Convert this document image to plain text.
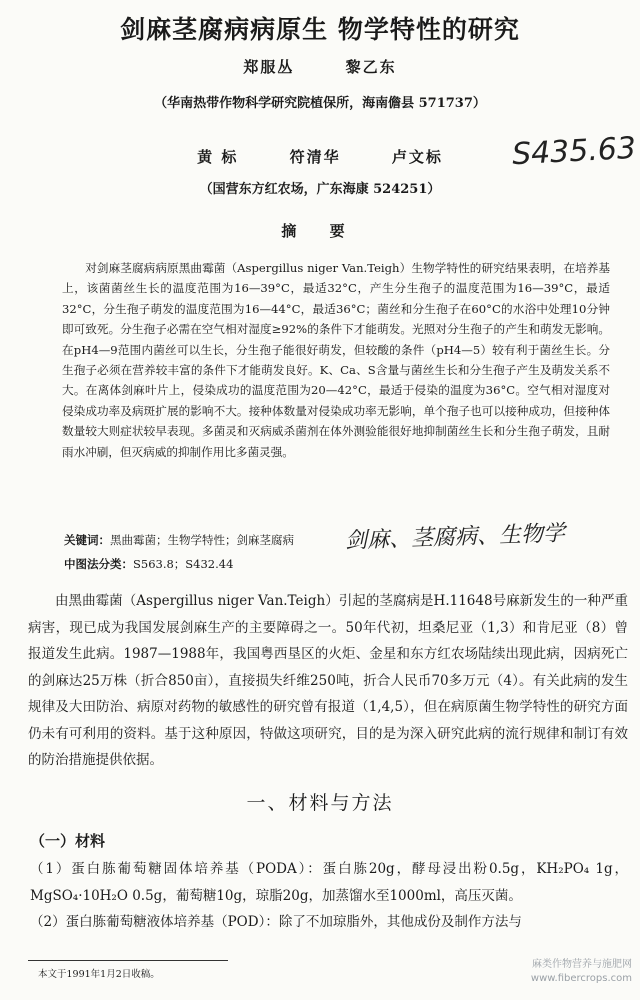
剑麻茎腐病病原生 物学特性的研究
郑服丛	黎乙东
（华南热带作物科学研究院植保所，海南儋县 571737）
S435.63
黄 标	符清华	卢文标
（国营东方红农场，广东海康 524251）
摘 要

对剑麻茎腐病病原黑曲霉菌（Aspergillus niger Van.Teigh）生物学特性的研究结果表明，在培养基上，该菌菌丝生长的温度范围为16—39°C，最适32°C，产生分生孢子的温度范围为16—39°C，最适32°C，分生孢子萌发的温度范围为16—44°C，最适36°C；菌丝和分生孢子在60°C的水浴中处理10分钟即可致死。分生孢子必需在空气相对湿度≥92%的条件下才能萌发。光照对分生孢子的产生和萌发无影响。在pH4—9范围内菌丝可以生长，分生孢子能很好萌发，但较酸的条件（pH4—5）较有利于菌丝生长。分生孢子必须在营养较丰富的条件下才能萌发良好。K、Ca、S含量与菌丝生长和分生孢子产生及萌发关系不大。在离体剑麻叶片上，侵染成功的温度范围为20—42°C，最适于侵染的温度为36°C。空气相对湿度对侵染成功率及病斑扩展的影响不大。接种体数量对侵染成功率无影响，单个孢子也可以接种成功，但接种体数量较大则症状较早表现。多菌灵和灭病威杀菌剂在体外测验能很好地抑制菌丝生长和分生孢子萌发，且耐雨水冲刷，但灭病威的抑制作用比多菌灵强。

关键词：黑曲霉菌；生物学特性；剑麻茎腐病	剑麻、茎腐病、生物学
中图法分类：S563.8；S432.44

由黑曲霉菌（Aspergillus niger Van.Teigh）引起的茎腐病是H.11648号麻新发生的一种严重病害，现已成为我国发展剑麻生产的主要障碍之一。50年代初，坦桑尼亚（1,3）和肯尼亚（8）曾报道发生此病。1987—1988年，我国粤西垦区的火炬、金星和东方红农场陆续出现此病，因病死亡的剑麻达25万株（折合850亩），直接损失纤维250吨，折合人民币70多万元（4）。有关此病的发生规律及大田防治、病原对药物的敏感性的研究曾有报道（1,4,5），但在病原菌生物学特性的研究方面仍未有可利用的资料。基于这种原因，特做这项研究，目的是为深入研究此病的流行规律和制订有效的防治措施提供依据。

一、材料与方法
（一）材料

（1）蛋白胨葡萄糖固体培养基（PODA）：蛋白胨20g，酵母浸出粉0.5g，KH₂PO₄ 1g，MgSO₄·10H₂O 0.5g，葡萄糖10g，琼脂20g，加蒸馏水至1000ml，高压灭菌。

（2）蛋白胨葡萄糖液体培养基（POD）：除了不加琼脂外，其他成份及制作方法与

本文于1991年1月2日收稿。
麻类作物营养与施肥网
www.fibercrops.com
